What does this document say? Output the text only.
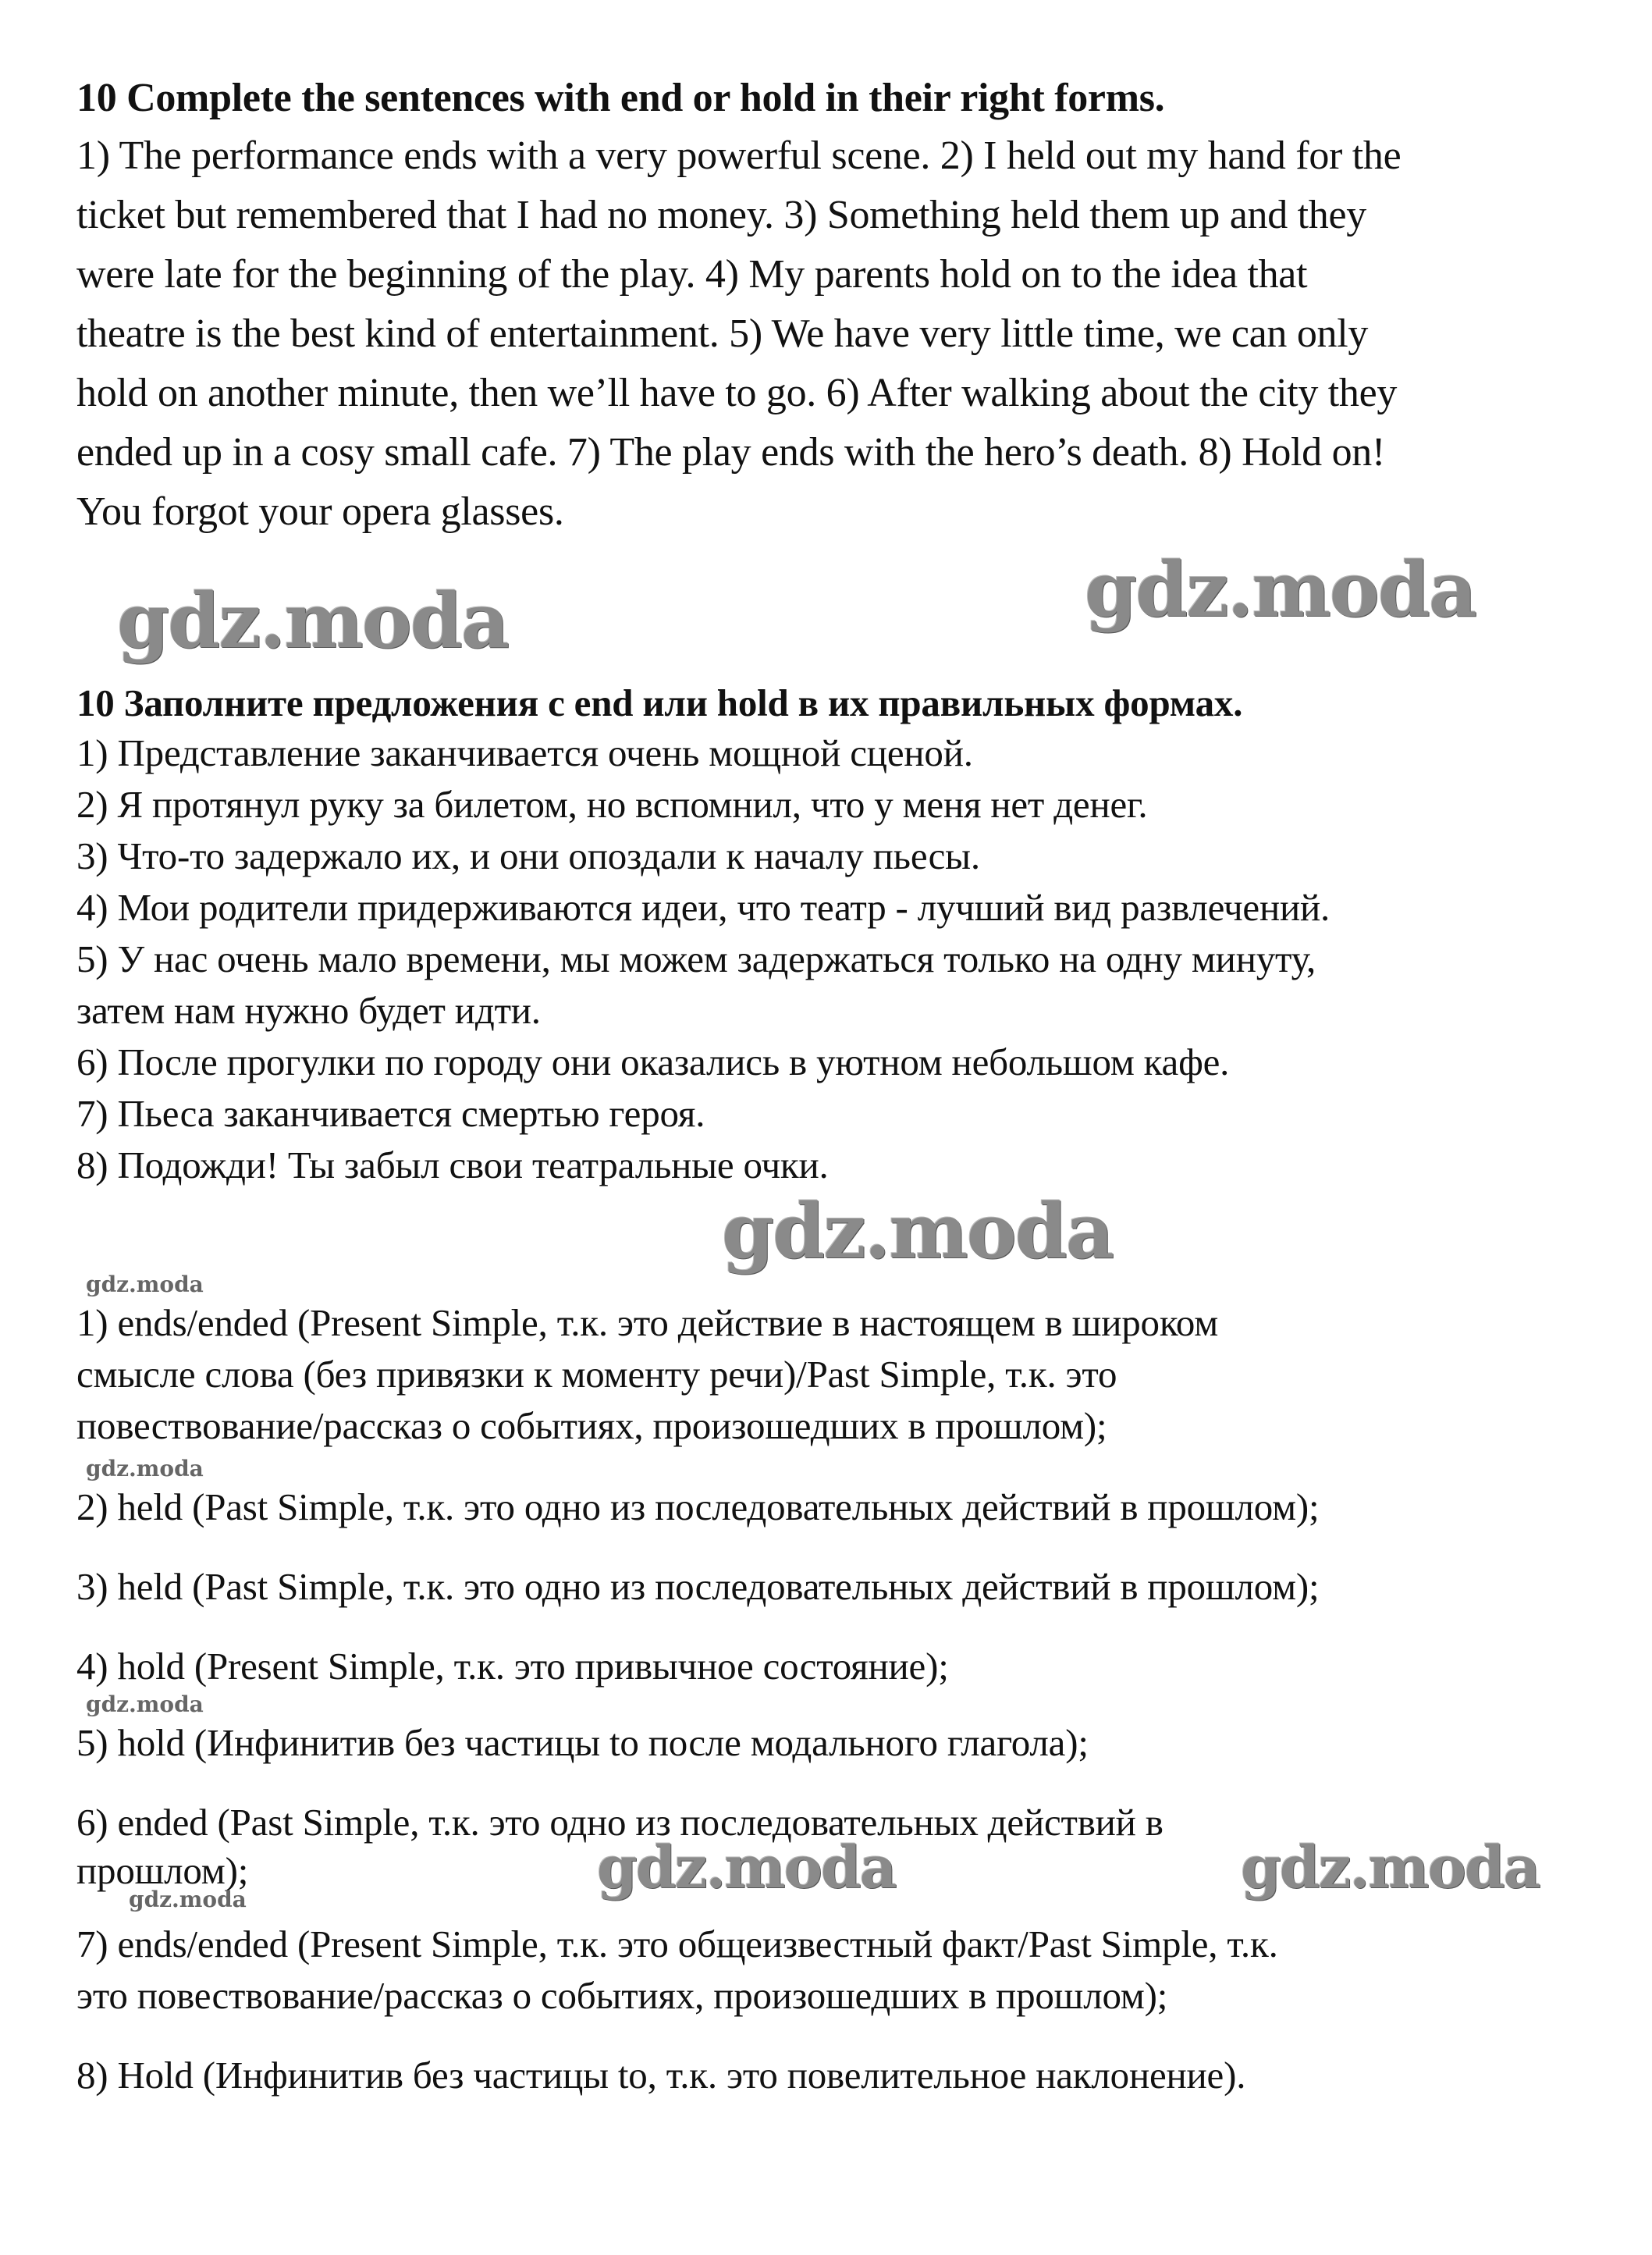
10 Complete the sentences with end or hold in their right forms.
1) The performance ends with a very powerful scene. 2) I held out my hand for the
ticket but remembered that I had no money. 3) Something held them up and they
were late for the beginning of the play. 4) My parents hold on to the idea that
theatre is the best kind of entertainment. 5) We have very little time, we can only
hold on another minute, then we’ll have to go. 6) After walking about the city they
ended up in a cosy small cafe. 7) The play ends with the hero’s death. 8) Hold on!
You forgot your opera glasses.
gdz.moda	gdz.moda
10 Заполните предложения с end или hold в их правильных формах.
1) Представление заканчивается очень мощной сценой.
2) Я протянул руку за билетом, но вспомнил, что у меня нет денег.
3) Что-то задержало их, и они опоздали к началу пьесы.
4) Мои родители придерживаются идеи, что театр - лучший вид развлечений.
5) У нас очень мало времени, мы можем задержаться только на одну минуту,
затем нам нужно будет идти.
6) После прогулки по городу они оказались в уютном небольшом кафе.
7) Пьеса заканчивается смертью героя.
8) Подожди! Ты забыл свои театральные очки.
gdz.moda
gdz.moda
1) ends/ended (Present Simple, т.к. это действие в настоящем в широком
смысле слова (без привязки к моменту речи)/Past Simple, т.к. это
повествование/рассказ о событиях, произошедших в прошлом);
gdz.moda
2) held (Past Simple, т.к. это одно из последовательных действий в прошлом);
3) held (Past Simple, т.к. это одно из последовательных действий в прошлом);
4) hold (Present Simple, т.к. это привычное состояние);
gdz.moda
5) hold (Инфинитив без частицы to после модального глагола);
6) ended (Past Simple, т.к. это одно из последовательных действий в
прошлом);
gdz.moda	gdz.moda	gdz.moda
7) ends/ended (Present Simple, т.к. это общеизвестный факт/Past Simple, т.к.
это повествование/рассказ о событиях, произошедших в прошлом);
8) Hold (Инфинитив без частицы to, т.к. это повелительное наклонение).
